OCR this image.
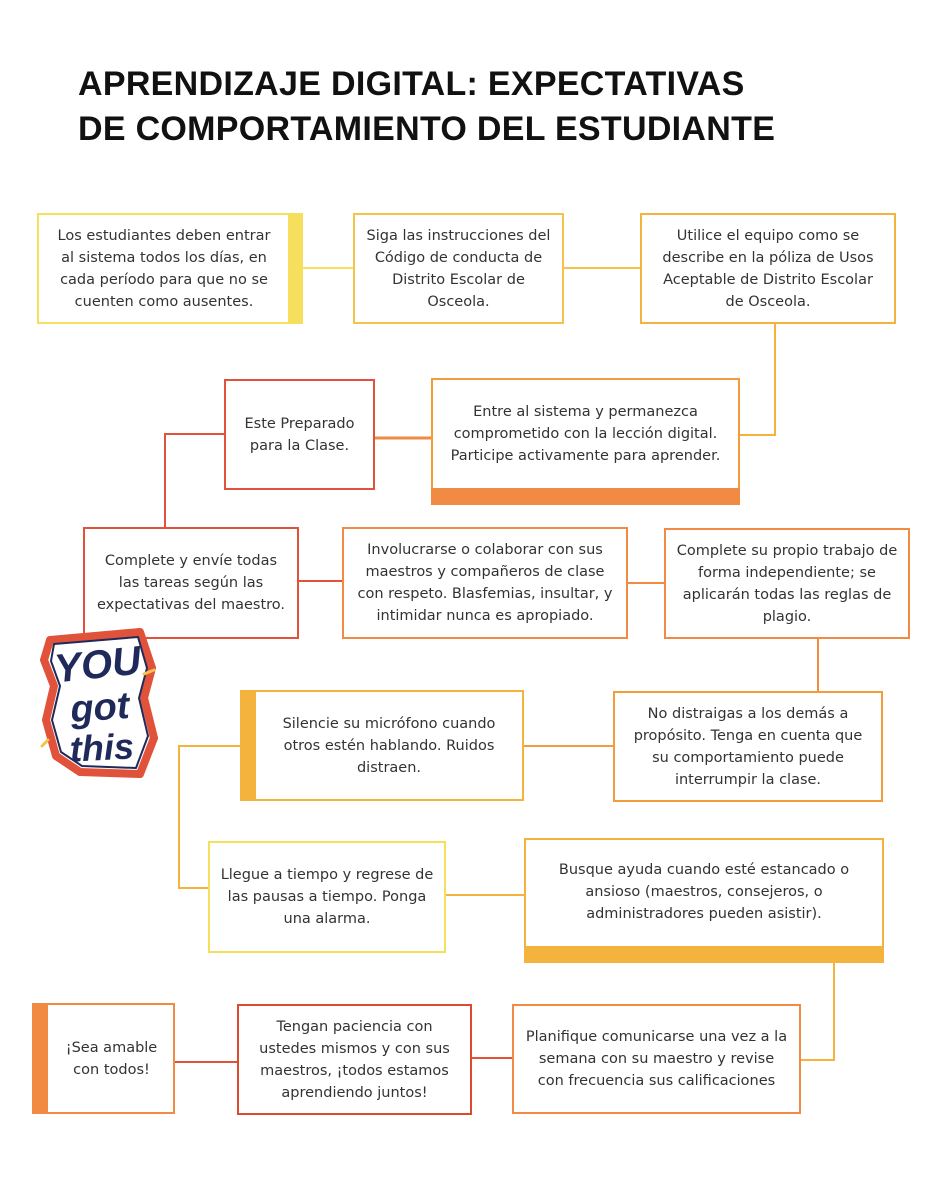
APRENDIZAJE DIGITAL: EXPECTATIVAS
DE COMPORTAMIENTO DEL ESTUDIANTE
Los estudiantes deben entrar al sistema todos los días, en cada período para que no se cuenten como ausentes.
Siga las instrucciones del Código de conducta de Distrito Escolar de Osceola.
Utilice el equipo como se describe en la póliza de Usos Aceptable de Distrito Escolar de Osceola.
Este Preparado para la Clase.
Entre al sistema y permanezca comprometido con la lección digital. Participe activamente para aprender.
Complete y envíe todas las tareas según las expectativas del maestro.
Involucrarse o colaborar con sus maestros y compañeros de clase con respeto. Blasfemias, insultar, y intimidar nunca es apropiado.
Complete su propio trabajo de forma independiente; se aplicarán todas las reglas de plagio.
Silencie su micrófono cuando otros estén hablando. Ruidos distraen.
No distraigas a los demás a propósito. Tenga en cuenta que su comportamiento puede interrumpir la clase.
Llegue a tiempo y regrese de las pausas a tiempo. Ponga una alarma.
Busque ayuda cuando esté estancado o ansioso (maestros, consejeros, o administradores pueden asistir).
¡Sea amable con todos!
Tengan paciencia con ustedes mismos y con sus maestros, ¡todos estamos aprendiendo juntos!
Planifique comunicarse una vez a la semana con su maestro y revise con frecuencia sus calificaciones
YOU
got
this
